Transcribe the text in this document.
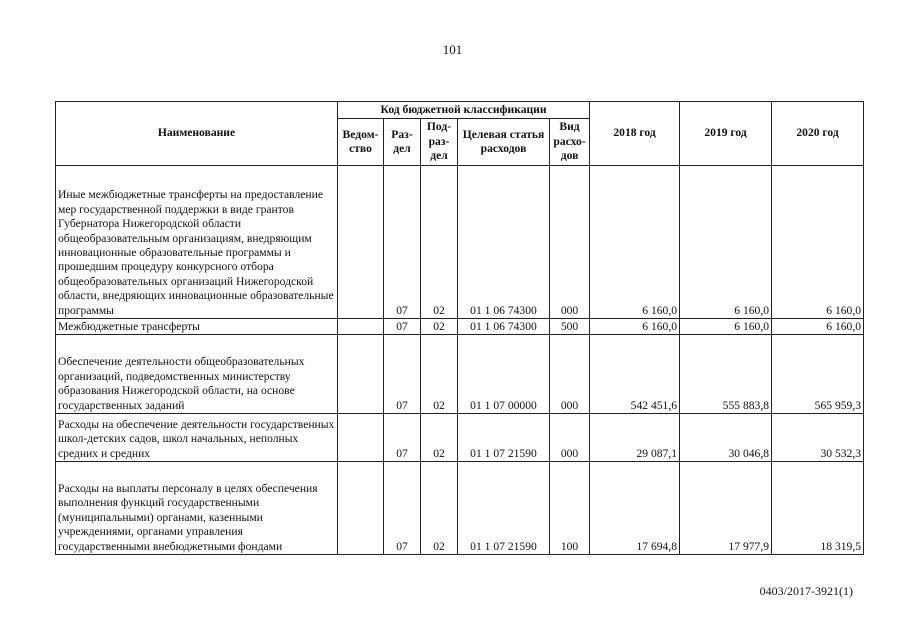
101
Наименование	Код бюджетной классификации					2018 год	2019 год	2020 год
	Ведом-ство	Раз-дел	Под-раз-дел	Целевая статья расходов	Вид расхо-дов			

Иные межбюджетные трансферты на предоставление мер государственной поддержки в виде грантов Губернатора Нижегородской области общеобразовательным организациям, внедряющим инновационные образовательные программы и прошедшим процедуру конкурсного отбора общеобразовательных организаций Нижегородской области, внедряющих инновационные образовательные программы		07	02	01 1 06 74300	000	6 160,0	6 160,0	6 160,0

Межбюджетные трансферты		07	02	01 1 06 74300	500	6 160,0	6 160,0	6 160,0

Обеспечение деятельности общеобразовательных организаций, подведомственных министерству образования Нижегородской области, на основе государственных заданий		07	02	01 1 07 00000	000	542 451,6	555 883,8	565 959,3

Расходы на обеспечение деятельности государственных школ-детских садов, школ начальных, неполных средних и средних		07	02	01 1 07 21590	000	29 087,1	30 046,8	30 532,3

Расходы на выплаты персоналу в целях обеспечения выполнения функций государственными (муниципальными) органами, казенными учреждениями, органами управления государственными внебюджетными фондами		07	02	01 1 07 21590	100	17 694,8	17 977,9	18 319,5
0403/2017-3921(1)
